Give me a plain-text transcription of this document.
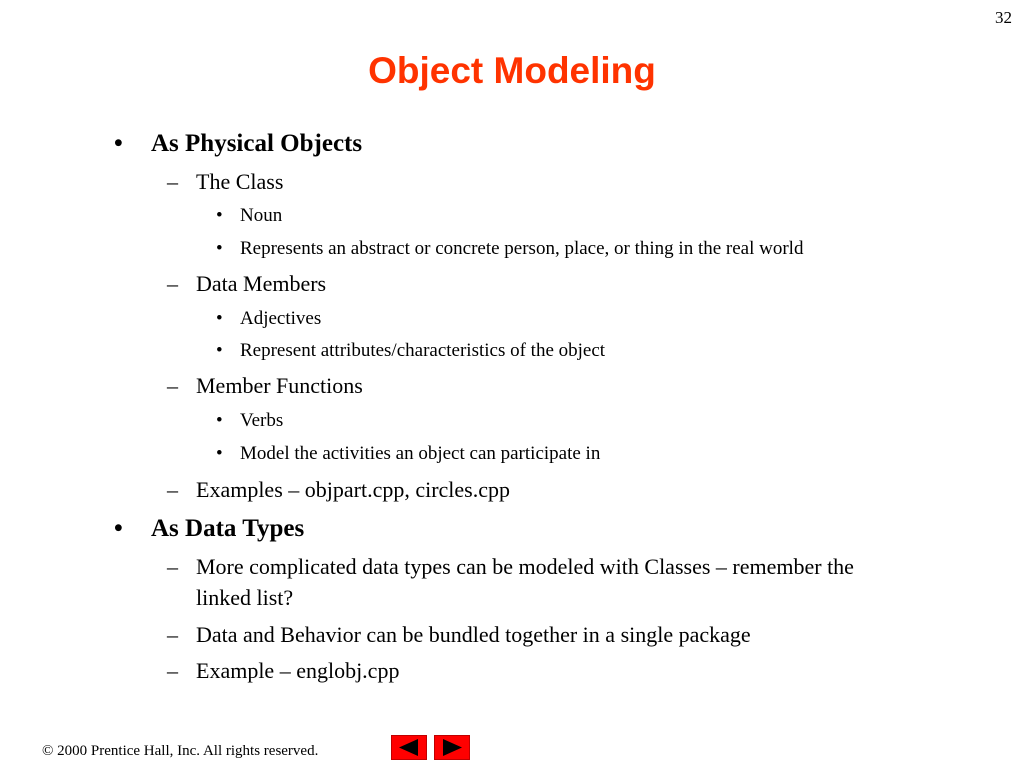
32
Object Modeling
• As Physical Objects
– The Class
• Noun
• Represents an abstract or concrete person, place, or thing in the real world
– Data Members
• Adjectives
• Represent attributes/characteristics of the object
– Member Functions
• Verbs
• Model the activities an object can participate in
– Examples – objpart.cpp, circles.cpp
• As Data Types
– More complicated data types can be modeled with Classes – remember the
linked list?
– Data and Behavior can be bundled together in a single package
– Example – englobj.cpp
© 2000 Prentice Hall, Inc. All rights reserved.
